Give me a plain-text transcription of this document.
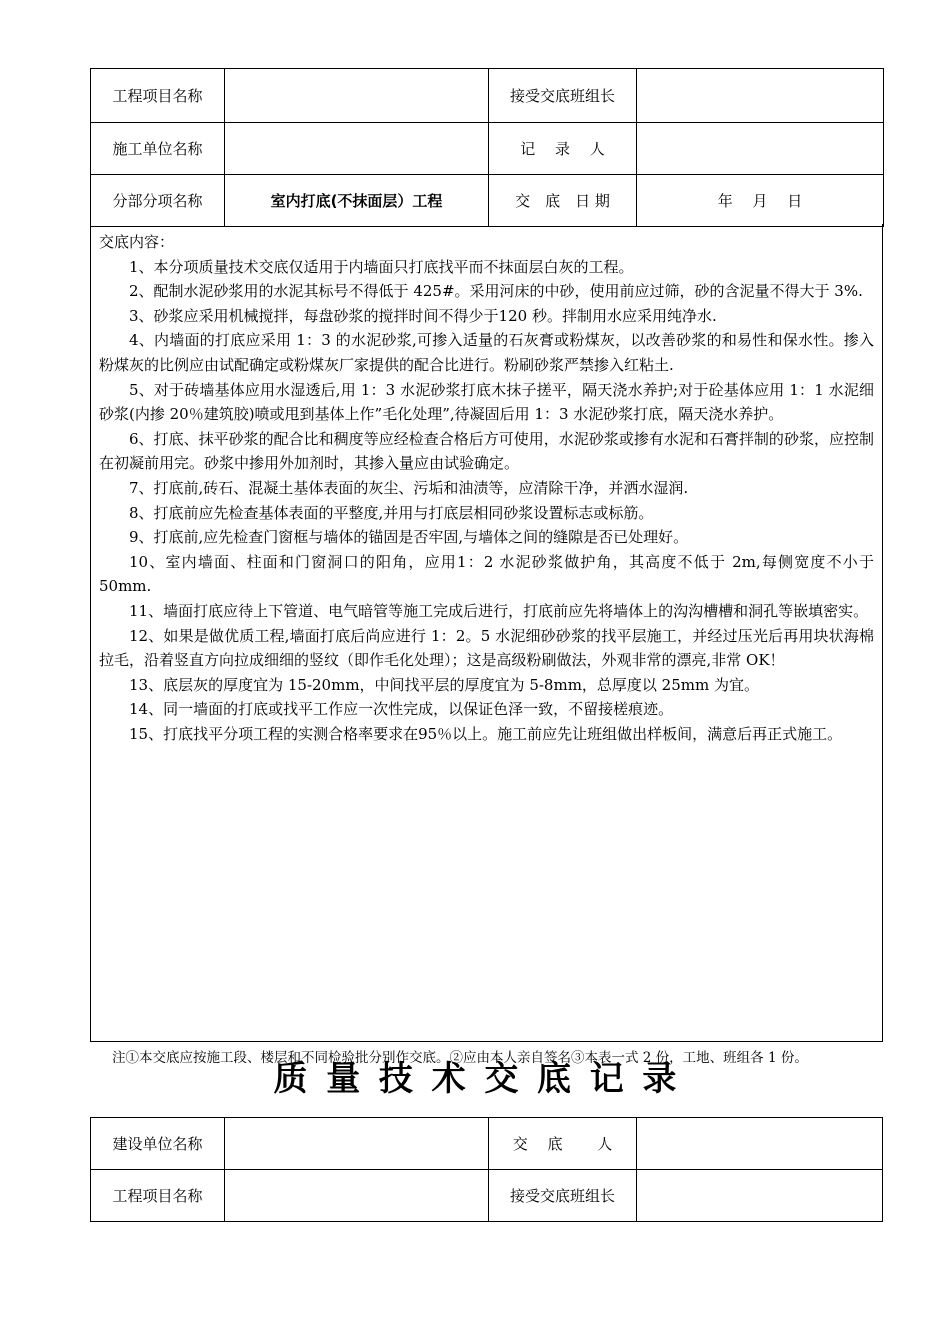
工程项目名称		接受交底班组长	
施工单位名称		记　 录　 人	
分部分项名称	室内打底(不抹面层）工程	交　底　日 期	年　 月　 日

交底内容：

1、本分项质量技术交底仅适用于内墙面只打底找平而不抹面层白灰的工程。

2、配制水泥砂浆用的水泥其标号不得低于 425#。采用河床的中砂，使用前应过筛，砂的含泥量不得大于 3%.

3、砂浆应采用机械搅拌，每盘砂浆的搅拌时间不得少于120 秒。拌制用水应采用纯净水.

4、内墙面的打底应采用 1：3 的水泥砂浆,可掺入适量的石灰膏或粉煤灰，以改善砂浆的和易性和保水性。掺入粉煤灰的比例应由试配确定或粉煤灰厂家提供的配合比进行。粉刷砂浆严禁掺入红粘土.

5、对于砖墙基体应用水湿透后,用 1：3 水泥砂浆打底木抹子搓平，隔天浇水养护;对于砼基体应用 1：1 水泥细砂浆(内掺 20％建筑胶)喷或甩到基体上作”毛化处理”,待凝固后用 1：3 水泥砂浆打底，隔天浇水养护。

6、打底、抹平砂浆的配合比和稠度等应经检查合格后方可使用，水泥砂浆或掺有水泥和石膏拌制的砂浆，应控制在初凝前用完。砂浆中掺用外加剂时，其掺入量应由试验确定。

7、打底前,砖石、混凝土基体表面的灰尘、污垢和油渍等，应清除干净，并洒水湿润.

8、打底前应先检查基体表面的平整度,并用与打底层相同砂浆设置标志或标筋。

9、打底前,应先检查门窗框与墙体的锚固是否牢固,与墙体之间的缝隙是否已处理好。

10、室内墙面、柱面和门窗洞口的阳角，应用1：2 水泥砂浆做护角，其高度不低于 2m,每侧宽度不小于 50mm.

11、墙面打底应待上下管道、电气暗管等施工完成后进行，打底前应先将墙体上的沟沟槽槽和洞孔等嵌填密实。

12、如果是做优质工程,墙面打底后尚应进行 1：2。5 水泥细砂砂浆的找平层施工，并经过压光后再用块状海棉拉毛，沿着竖直方向拉成细细的竖纹（即作毛化处理）；这是高级粉刷做法，外观非常的漂亮,非常 OK！

13、底层灰的厚度宜为 15-20mm，中间找平层的厚度宜为 5-8mm，总厚度以 25mm 为宜。

14、同一墙面的打底或找平工作应一次性完成，以保证色泽一致，不留接槎痕迹。

15、打底找平分项工程的实测合格率要求在95％以上。施工前应先让班组做出样板间，满意后再正式施工。

注①本交底应按施工段、楼层和不同检验批分别作交底。②应由本人亲自签名③本表一式 2 份，工地、班组各 1 份。
质量技术交底记录
建设单位名称		交　 底　　 人	
工程项目名称		接受交底班组长	
